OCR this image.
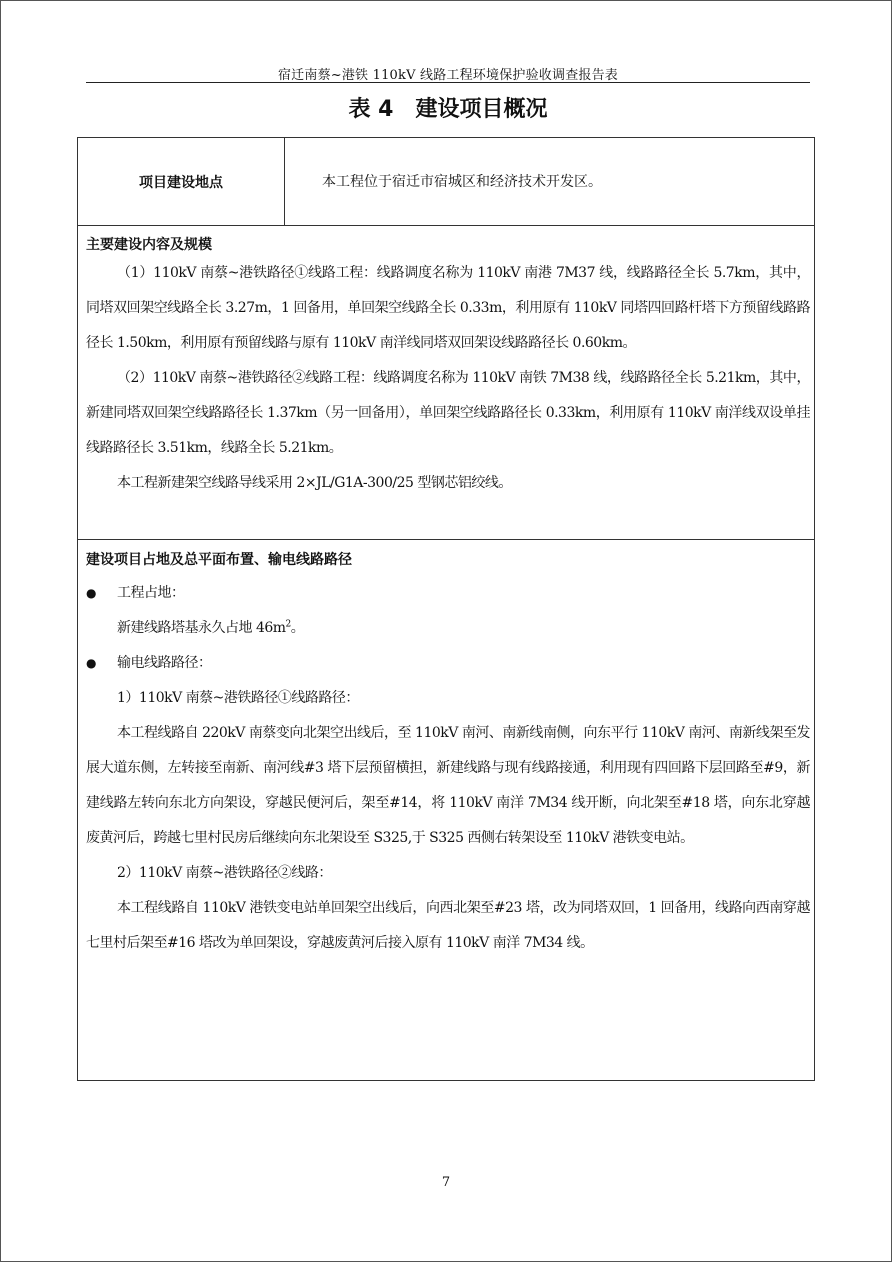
宿迁南蔡~港铁 110kV 线路工程环境保护验收调查报告表
表 4 建设项目概况
项目建设地点	本工程位于宿迁市宿城区和经济技术开发区。
主要建设内容及规模

（1）110kV 南蔡~港铁路径①线路工程：线路调度名称为 110kV 南港 7M37 线，线路路径全长 5.7km，其中，同塔双回架空线路全长 3.27m，1 回备用，单回架空线路全长 0.33m，利用原有 110kV 同塔四回路杆塔下方预留线路路径长 1.50km，利用原有预留线路与原有 110kV 南洋线同塔双回架设线路路径长 0.60km。

（2）110kV 南蔡~港铁路径②线路工程：线路调度名称为 110kV 南铁 7M38 线，线路路径全长 5.21km，其中，新建同塔双回架空线路路径长 1.37km（另一回备用），单回架空线路路径长 0.33km，利用原有 110kV 南洋线双设单挂线路路径长 3.51km，线路全长 5.21km。

本工程新建架空线路导线采用 2×JL/G1A-300/25 型钢芯铝绞线。

建设项目占地及总平面布置、输电线路路径

● 工程占地：

新建线路塔基永久占地 $46m^2$。

● 输电线路路径：

1）110kV 南蔡~港铁路径①线路路径：

本工程线路自 220kV 南蔡变向北架空出线后，至 110kV 南河、南新线南侧，向东平行 110kV 南河、南新线架至发展大道东侧，左转接至南新、南河线#3 塔下层预留横担，新建线路与现有线路接通，利用现有四回路下层回路至#9，新建线路左转向东北方向架设，穿越民便河后，架至#14，将 110kV 南洋 7M34 线开断，向北架至#18 塔，向东北穿越废黄河后，跨越七里村民房后继续向东北架设至 S325,于 S325 西侧右转架设至 110kV 港铁变电站。

2）110kV 南蔡~港铁路径②线路：

本工程线路自 110kV 港铁变电站单回架空出线后，向西北架至#23 塔，改为同塔双回，1 回备用，线路向西南穿越七里村后架至#16 塔改为单回架设，穿越废黄河后接入原有 110kV 南洋 7M34 线。

7
